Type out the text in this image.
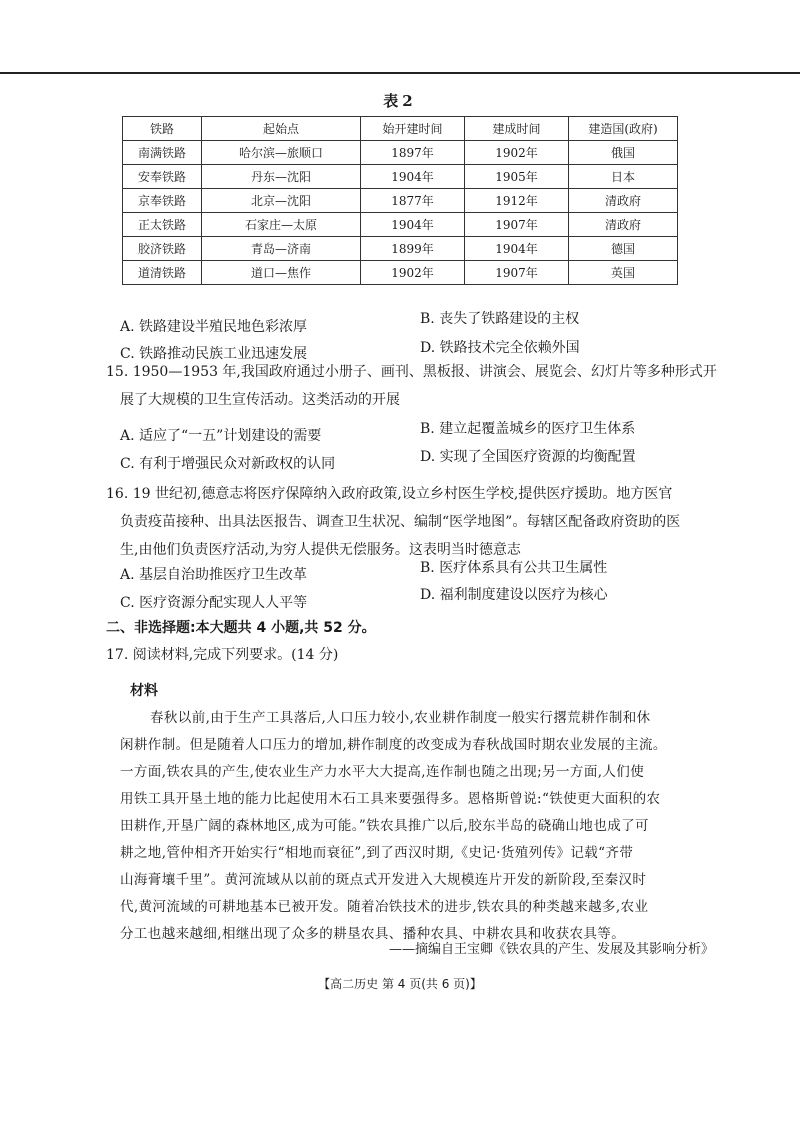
表2
铁路	起始点	始开建时间	建成时间	建造国(政府)
南满铁路	哈尔滨—旅顺口	1897年	1902年	俄国
安奉铁路	丹东—沈阳	1904年	1905年	日本
京奉铁路	北京—沈阳	1877年	1912年	清政府
正太铁路	石家庄—太原	1904年	1907年	清政府
胶济铁路	青岛—济南	1899年	1904年	德国
道清铁路	道口—焦作	1902年	1907年	英国
A. 铁路建设半殖民地色彩浓厚	B. 丧失了铁路建设的主权
C. 铁路推动民族工业迅速发展	D. 铁路技术完全依赖外国
15. 1950—1953 年,我国政府通过小册子、画刊、黑板报、讲演会、展览会、幻灯片等多种形式开
展了大规模的卫生宣传活动。这类活动的开展
A. 适应了“一五”计划建设的需要	B. 建立起覆盖城乡的医疗卫生体系
C. 有利于增强民众对新政权的认同	D. 实现了全国医疗资源的均衡配置
16. 19 世纪初,德意志将医疗保障纳入政府政策,设立乡村医生学校,提供医疗援助。地方医官
负责疫苗接种、出具法医报告、调查卫生状况、编制“医学地图”。每辖区配备政府资助的医
生,由他们负责医疗活动,为穷人提供无偿服务。这表明当时德意志
A. 基层自治助推医疗卫生改革	B. 医疗体系具有公共卫生属性
C. 医疗资源分配实现人人平等	D. 福利制度建设以医疗为核心
二、非选择题:本大题共 4 小题,共 52 分。
17. 阅读材料,完成下列要求。(14 分)
材料
春秋以前,由于生产工具落后,人口压力较小,农业耕作制度一般实行撂荒耕作制和休
闲耕作制。但是随着人口压力的增加,耕作制度的改变成为春秋战国时期农业发展的主流。
一方面,铁农具的产生,使农业生产力水平大大提高,连作制也随之出现;另一方面,人们使
用铁工具开垦土地的能力比起使用木石工具来要强得多。恩格斯曾说:“铁使更大面积的农
田耕作,开垦广阔的森林地区,成为可能。”铁农具推广以后,胶东半岛的硗确山地也成了可
耕之地,管仲相齐开始实行“相地而衰征”,到了西汉时期,《史记·货殖列传》记载“齐带
山海膏壤千里”。黄河流域从以前的斑点式开发进入大规模连片开发的新阶段,至秦汉时
代,黄河流域的可耕地基本已被开发。随着冶铁技术的进步,铁农具的种类越来越多,农业
分工也越来越细,相继出现了众多的耕垦农具、播种农具、中耕农具和收获农具等。
——摘编自王宝卿《铁农具的产生、发展及其影响分析》
【高二历史 第 4 页(共 6 页)】
